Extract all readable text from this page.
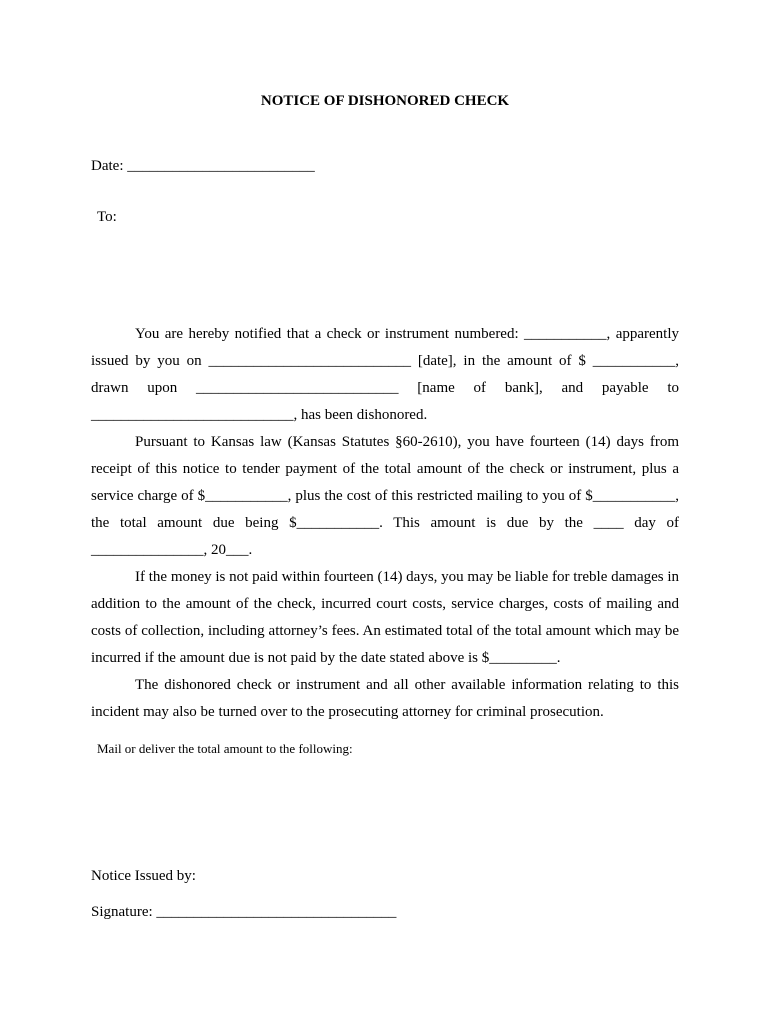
NOTICE OF DISHONORED CHECK
Date: _________________________
To:

You are hereby notified that a check or instrument numbered: ___________, apparently issued by you on ___________________________ [date], in the amount of $ ___________, drawn upon ___________________________ [name of bank], and payable to ___________________________, has been dishonored.

Pursuant to Kansas law (Kansas Statutes §60-2610), you have fourteen (14) days from receipt of this notice to tender payment of the total amount of the check or instrument, plus a service charge of $___________, plus the cost of this restricted mailing to you of $___________, the total amount due being $___________. This amount is due by the ____ day of _______________, 20___.

If the money is not paid within fourteen (14) days, you may be liable for treble damages in addition to the amount of the check, incurred court costs, service charges, costs of mailing and costs of collection, including attorney’s fees. An estimated total of the total amount which may be incurred if the amount due is not paid by the date stated above is $_________.

The dishonored check or instrument and all other available information relating to this incident may also be turned over to the prosecuting attorney for criminal prosecution.

Mail or deliver the total amount to the following:
Notice Issued by:
Signature: ________________________________
